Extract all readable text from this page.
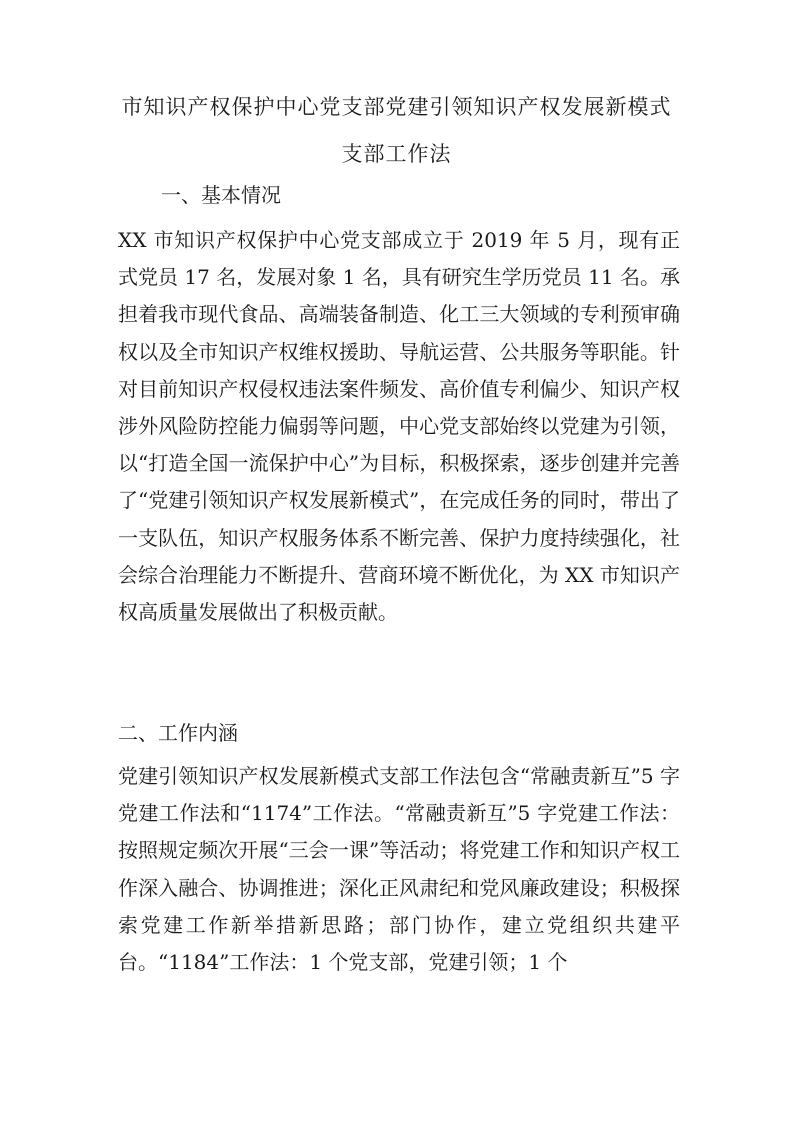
市知识产权保护中心党支部党建引领知识产权发展新模式
支部工作法
一、基本情况
XX 市知识产权保护中心党支部成立于 2019 年 5 月，现有正式党员 17 名，发展对象 1 名，具有研究生学历党员 11 名。承担着我市现代食品、高端装备制造、化工三大领域的专利预审确权以及全市知识产权维权援助、导航运营、公共服务等职能。针对目前知识产权侵权违法案件频发、高价值专利偏少、知识产权涉外风险防控能力偏弱等问题，中心党支部始终以党建为引领，以“打造全国一流保护中心”为目标，积极探索，逐步创建并完善了“党建引领知识产权发展新模式”，在完成任务的同时，带出了一支队伍，知识产权服务体系不断完善、保护力度持续强化，社会综合治理能力不断提升、营商环境不断优化，为 XX 市知识产权高质量发展做出了积极贡献。
二、工作内涵
党建引领知识产权发展新模式支部工作法包含“常融责新互”5 字党建工作法和“1174”工作法。“常融责新互”5 字党建工作法：按照规定频次开展“三会一课”等活动；将党建工作和知识产权工作深入融合、协调推进；深化正风肃纪和党风廉政建设；积极探索党建工作新举措新思路；部门协作，建立党组织共建平台。“1184”工作法：1 个党支部，党建引领；1 个
